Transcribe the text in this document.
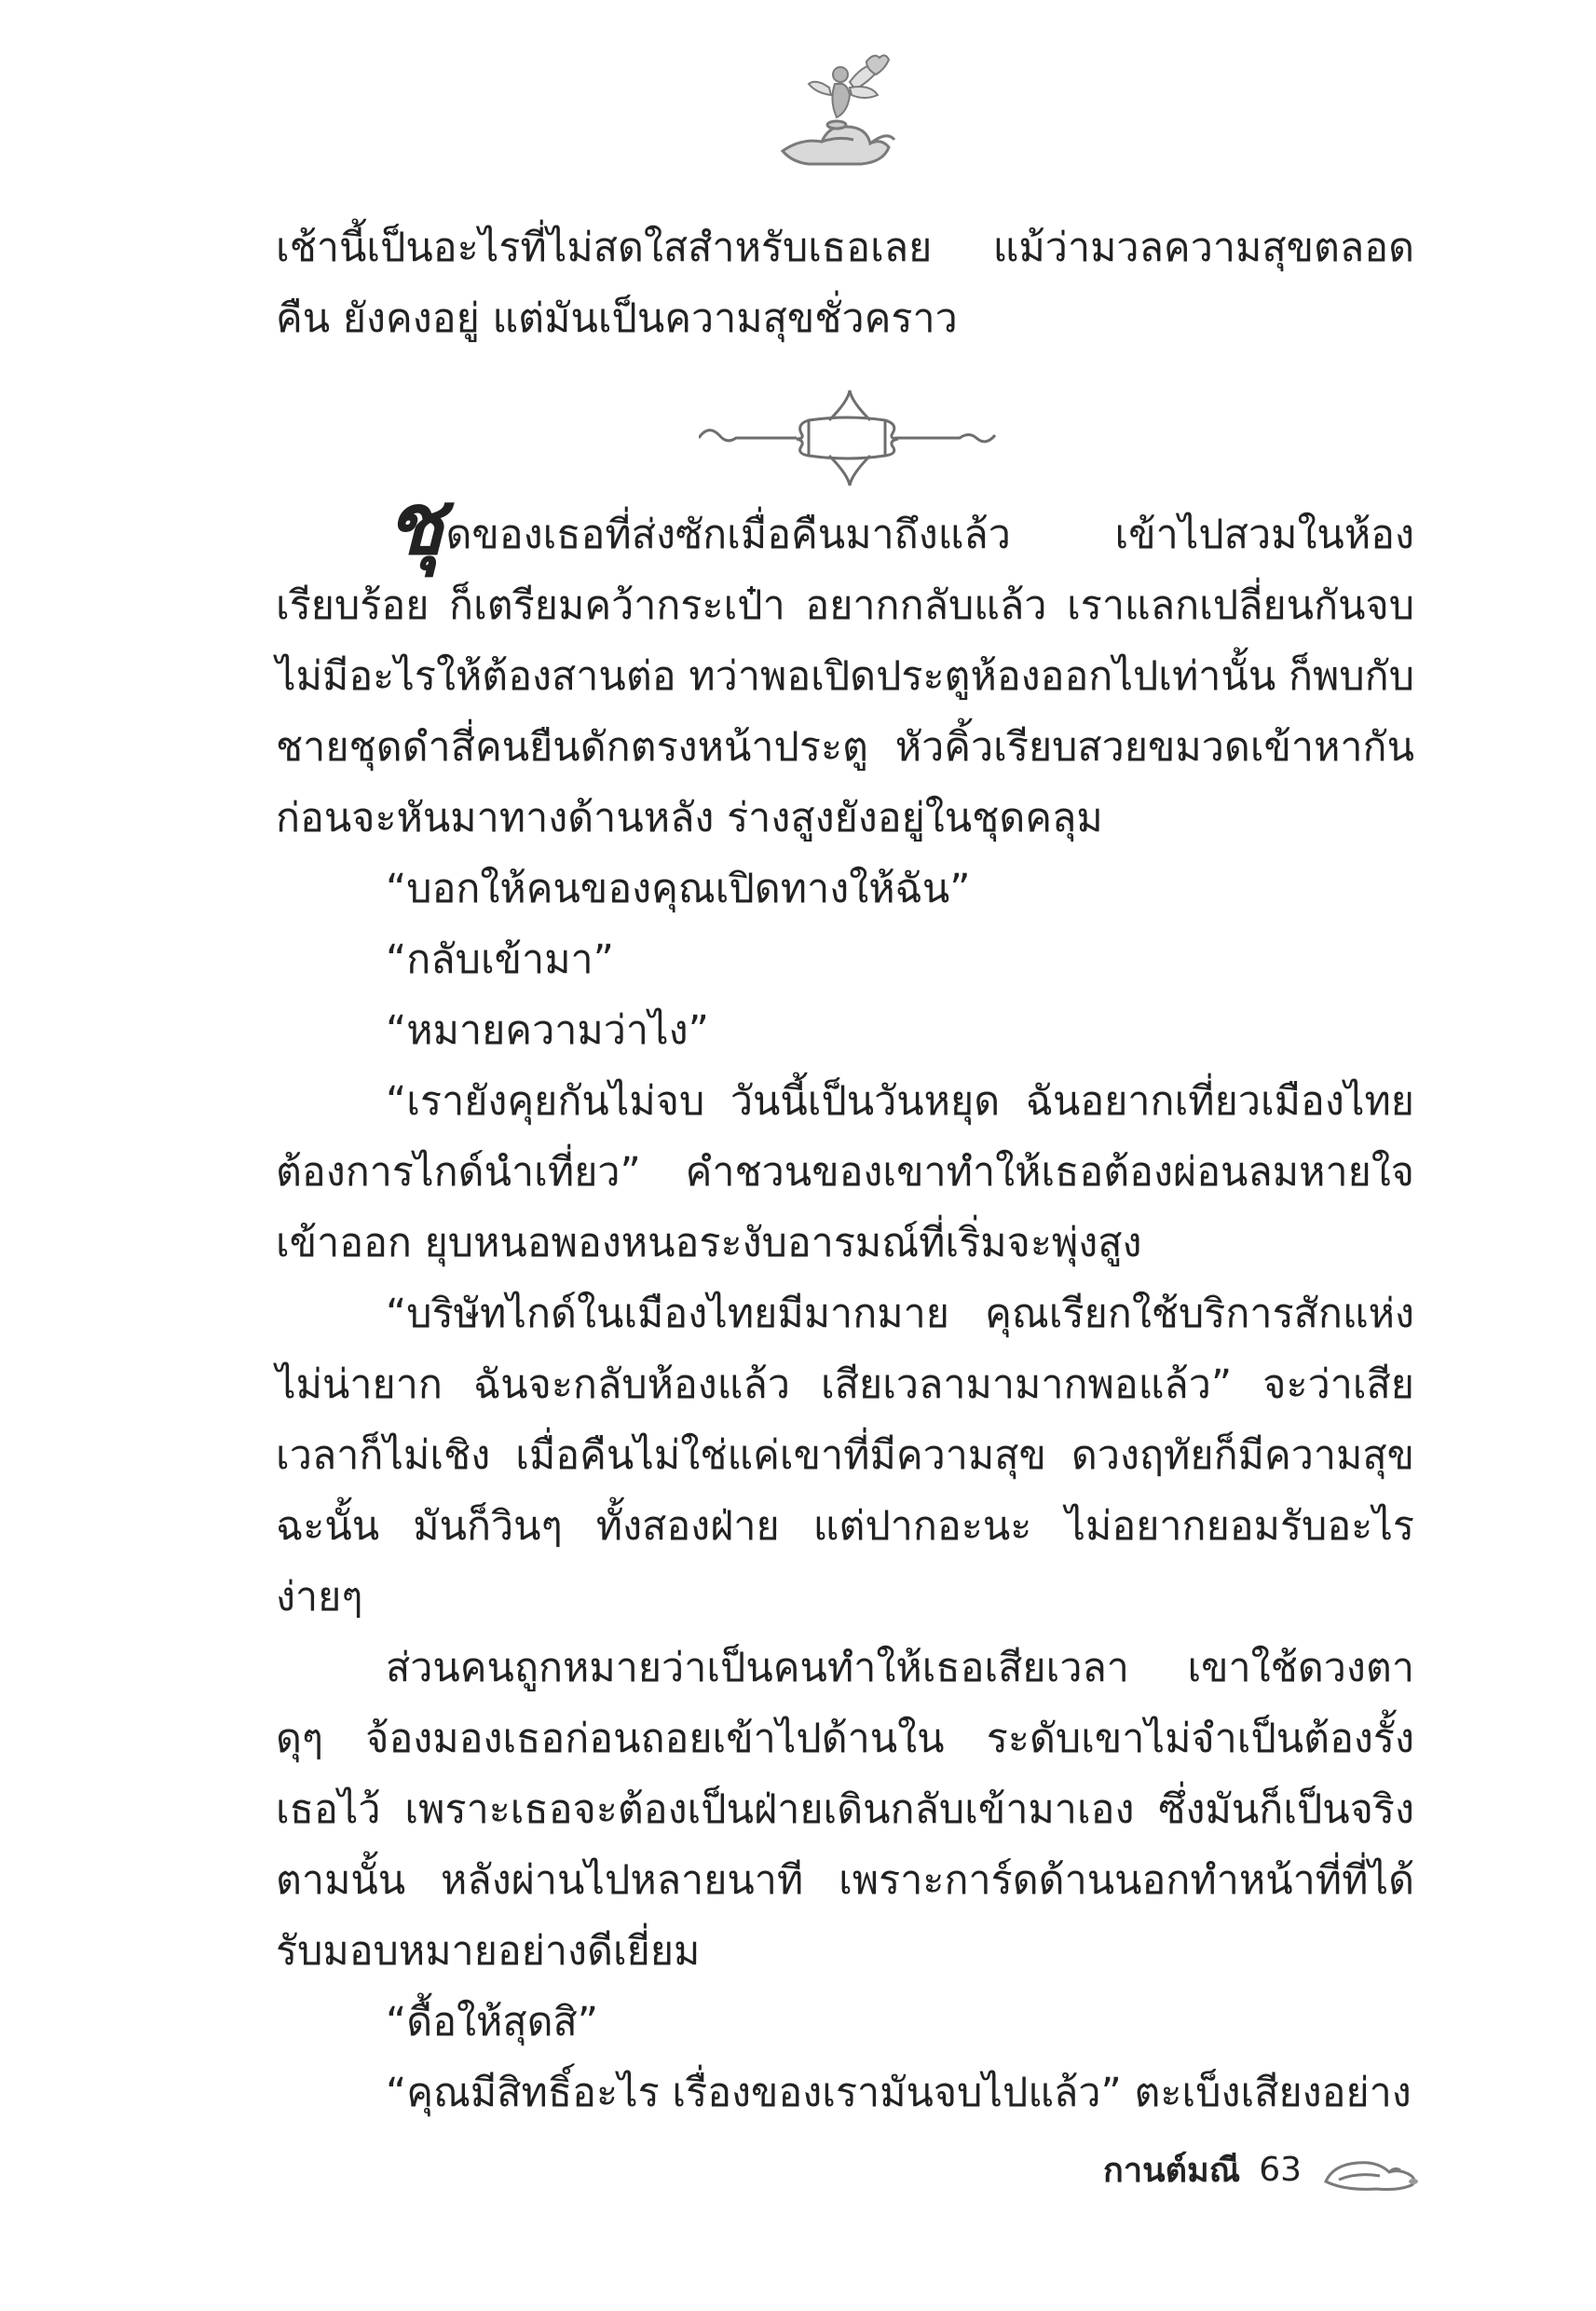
เช้านี้เป็นอะไรที่ไม่สดใสสำหรับเธอเลย แม้ว่ามวลความสุขตลอดคืน ยังคงอยู่ แต่มันเป็นความสุขชั่วคราว

ชุดของเธอที่ส่งซักเมื่อคืนมาถึงแล้ว เข้าไปสวมในห้องเรียบร้อย ก็เตรียมคว้ากระเป๋า อยากกลับแล้ว เราแลกเปลี่ยนกันจบ ไม่มีอะไรให้ต้องสานต่อ ทว่าพอเปิดประตูห้องออกไปเท่านั้น ก็พบกับชายชุดดำสี่คนยืนดักตรงหน้าประตู หัวคิ้วเรียบสวยขมวดเข้าหากัน ก่อนจะหันมาทางด้านหลัง ร่างสูงยังอยู่ในชุดคลุม

“บอกให้คนของคุณเปิดทางให้ฉัน”

“กลับเข้ามา”

“หมายความว่าไง”

“เรายังคุยกันไม่จบ วันนี้เป็นวันหยุด ฉันอยากเที่ยวเมืองไทย ต้องการไกด์นำเที่ยว” คำชวนของเขาทำให้เธอต้องผ่อนลมหายใจเข้าออก ยุบหนอพองหนอระงับอารมณ์ที่เริ่มจะพุ่งสูง

“บริษัทไกด์ในเมืองไทยมีมากมาย คุณเรียกใช้บริการสักแห่ง ไม่น่ายาก ฉันจะกลับห้องแล้ว เสียเวลามามากพอแล้ว” จะว่าเสียเวลาก็ไม่เชิง เมื่อคืนไม่ใช่แค่เขาที่มีความสุข ดวงฤทัยก็มีความสุข ฉะนั้น มันก็วินๆ ทั้งสองฝ่าย แต่ปากอะนะ ไม่อยากยอมรับอะไรง่ายๆ

ส่วนคนถูกหมายว่าเป็นคนทำให้เธอเสียเวลา เขาใช้ดวงตาดุๆ จ้องมองเธอก่อนถอยเข้าไปด้านใน ระดับเขาไม่จำเป็นต้องรั้งเธอไว้ เพราะเธอจะต้องเป็นฝ่ายเดินกลับเข้ามาเอง ซึ่งมันก็เป็นจริงตามนั้น หลังผ่านไปหลายนาที เพราะการ์ดด้านนอกทำหน้าที่ที่ได้รับมอบหมายอย่างดีเยี่ยม

“ดื้อให้สุดสิ”

“คุณมีสิทธิ์อะไร เรื่องของเรามันจบไปแล้ว” ตะเบ็งเสียงอย่าง

กานต์มณี 63
